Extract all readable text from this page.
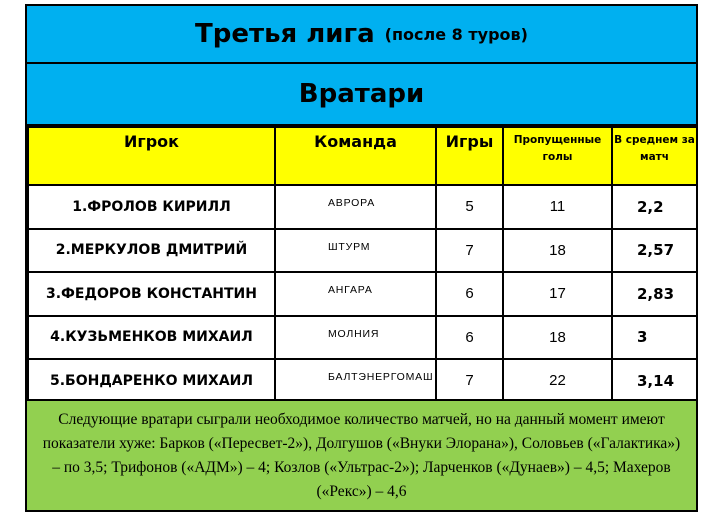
Третья лига (после 8 туров)
Вратари
Игрок	Команда	Игры	Пропущенные голы	В среднем за матч
1.ФРОЛОВ КИРИЛЛ	АВРОРА	5	11	2,2
2.МЕРКУЛОВ ДМИТРИЙ	ШТУРМ	7	18	2,57
3.ФЕДОРОВ КОНСТАНТИН	АНГАРА	6	17	2,83
4.КУЗЬМЕНКОВ МИХАИЛ	МОЛНИЯ	6	18	3
5.БОНДАРЕНКО МИХАИЛ	БАЛТЭНЕРГОМАШ	7	22	3,14
Следующие вратари сыграли необходимое количество матчей, но на данный момент имеют показатели хуже: Барков («Пересвет-2»), Долгушов («Внуки Элорана»), Соловьев («Галактика») – по 3,5; Трифонов («АДМ») – 4; Козлов («Ультрас-2»); Ларченков («Дунаев») – 4,5; Махеров («Рекс») – 4,6
